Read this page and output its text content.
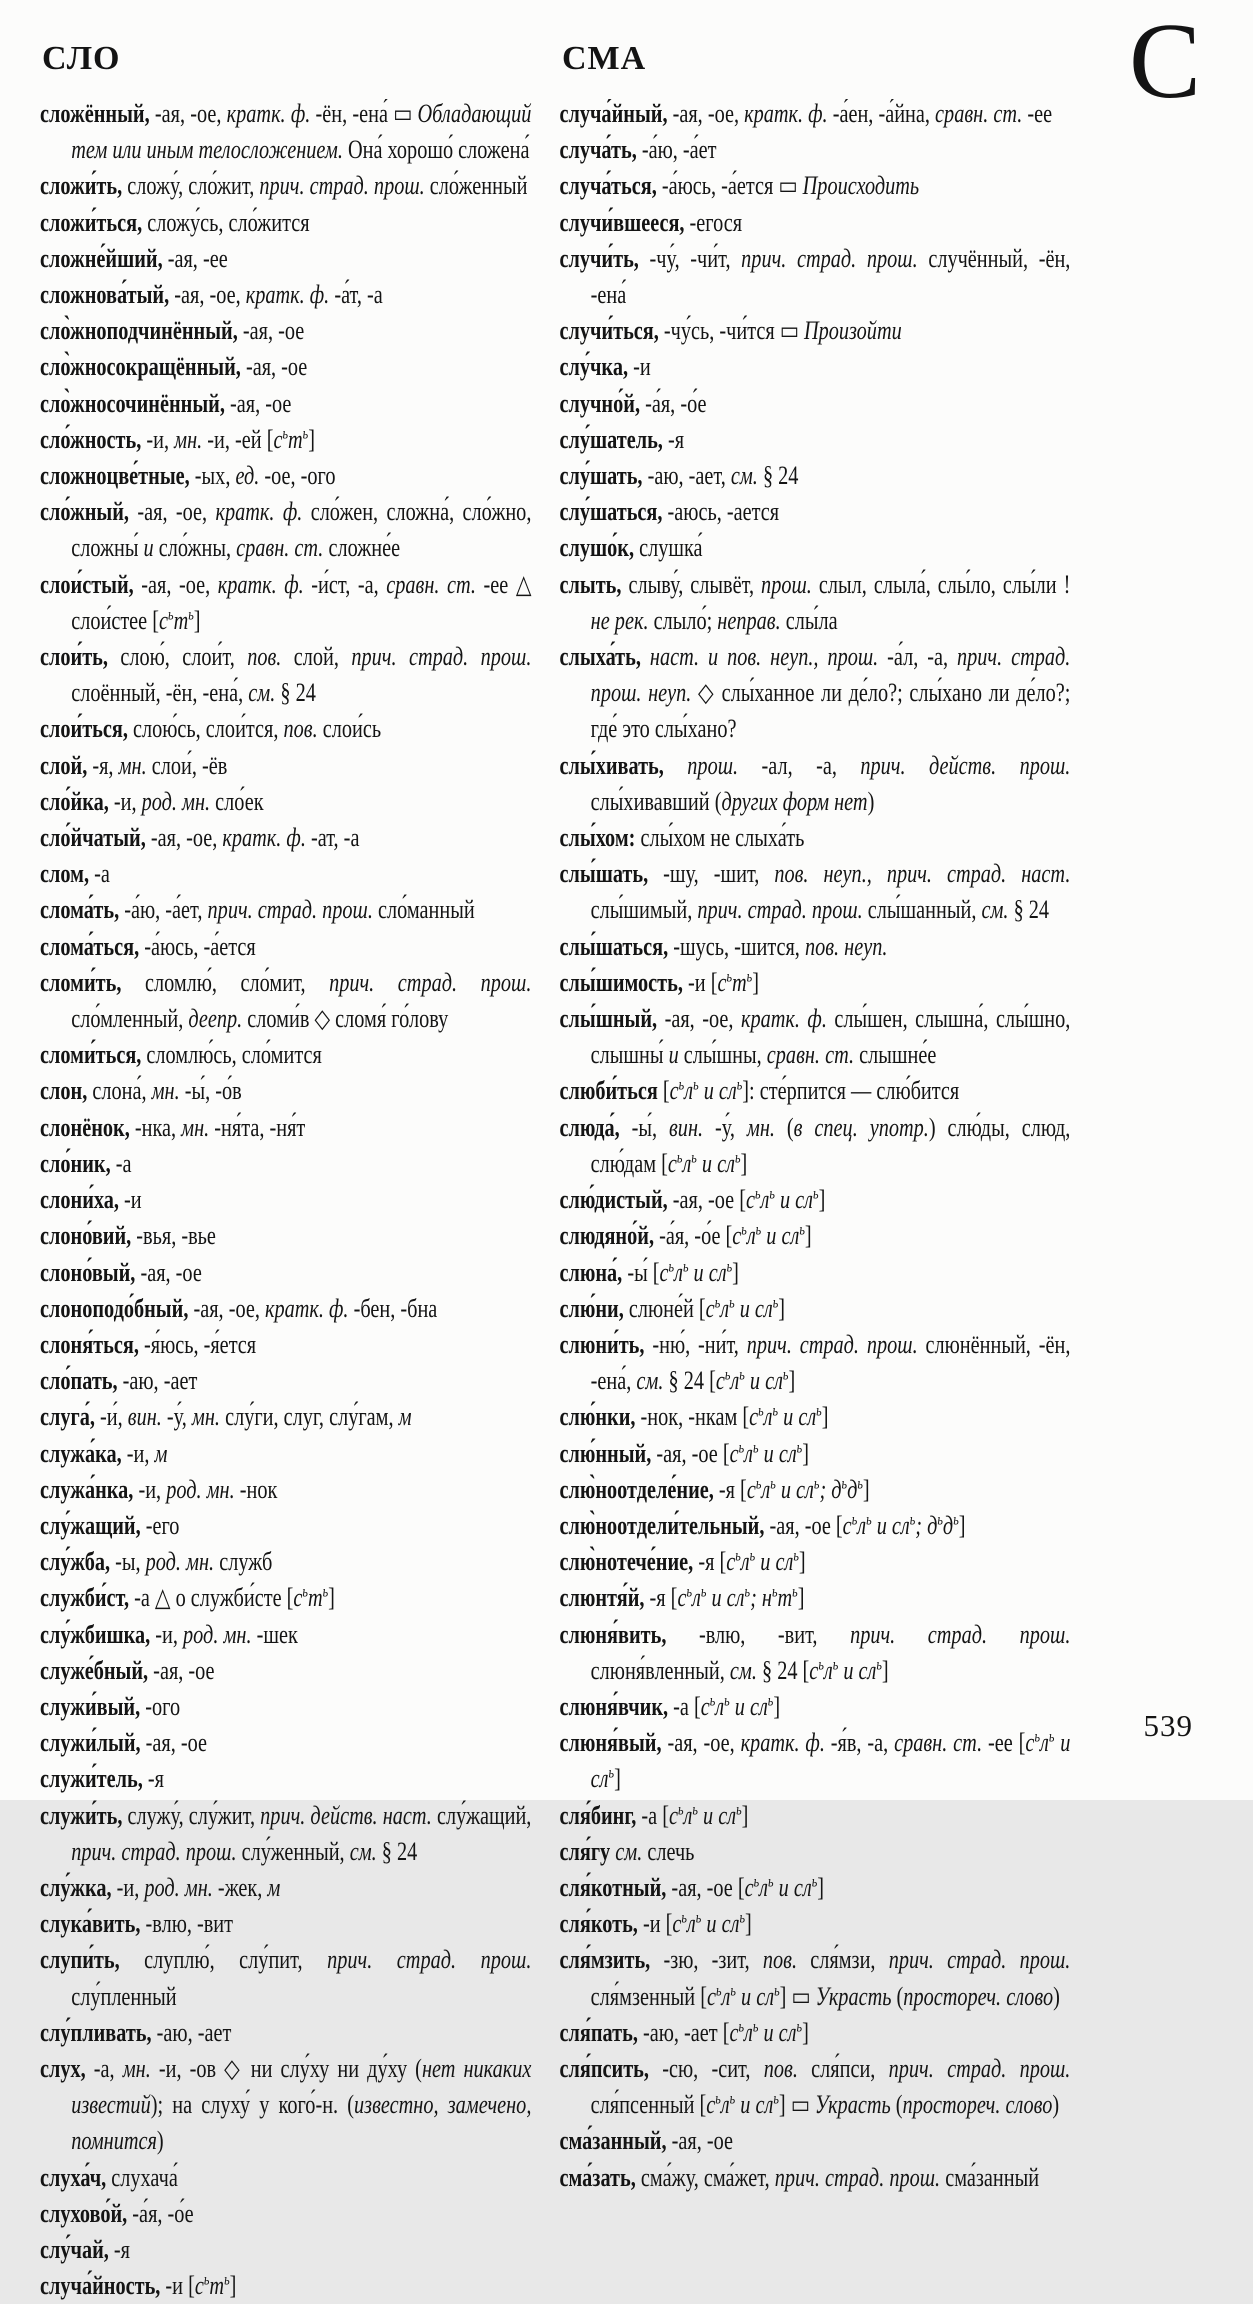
СЛО	СМА	С

сложённый, -ая, -ое, кратк. ф. -ён, -ена́ ▭ Обладающий тем или иным телосложением. Она́ хорошо́ сложена́

сложи́ть, сложу́, сло́жит, прич. страд. прош. сло́женный

сложи́ться, сложу́сь, сло́жится

сложне́йший, -ая, -ее

сложнова́тый, -ая, -ое, кратк. ф. -а́т, -а

сло̀жноподчинённый, -ая, -ое

сло̀жносокращённый, -ая, -ое

сло̀жносочинённый, -ая, -ое

сло́жность, -и, мн. -и, -ей $[с^ьт^ь]$

сложноцве́тные, -ых, ед. -ое, -ого

сло́жный, -ая, -ое, кратк. ф. сло́жен, сложна́, сло́жно, сложны́ и сло́жны, сравн. ст. сложне́е

слои́стый, -ая, -ое, кратк. ф. -и́ст, -а, сравн. ст. -ее △ слои́стее $[с^ьт^ь]$

слои́ть, слою́, слои́т, пов. слой, прич. страд. прош. слоённый, -ён, -ена́, см. § 24

слои́ться, слою́сь, слои́тся, пов. слои́сь

слой, -я, мн. слои́, -ёв

сло́йка, -и, род. мн. сло́ек

сло́йчатый, -ая, -ое, кратк. ф. -ат, -а

слом, -а

слома́ть, -а́ю, -а́ет, прич. страд. прош. сло́манный

слома́ться, -а́юсь, -а́ется

сломи́ть, сломлю́, сло́мит, прич. страд. прош. сло́мленный, деепр. сломи́в ◇ сломя́ го́лову

сломи́ться, сломлю́сь, сло́мится

слон, слона́, мн. -ы́, -о́в

слонёнок, -нка, мн. -ня́та, -ня́т

сло́ник, -а

слони́ха, -и

слоно́вий, -вья, -вье

слоно́вый, -ая, -ое

слоноподо́бный, -ая, -ое, кратк. ф. -бен, -бна

слоня́ться, -я́юсь, -я́ется

сло́пать, -аю, -ает

слуга́, -и́, вин. -у́, мн. слу́ги, слуг, слу́гам, м

служа́ка, -и, м

служа́нка, -и, род. мн. -нок

слу́жащий, -его

слу́жба, -ы, род. мн. служб

служби́ст, -а △ о служби́сте $[с^ьт^ь]$

слу́жбишка, -и, род. мн. -шек

служе́бный, -ая, -ое

служи́вый, -ого

служи́лый, -ая, -ое

служи́тель, -я

служи́ть, служу́, слу́жит, прич. действ. наст. слу́жащий, прич. страд. прош. слу́женный, см. § 24

слу́жка, -и, род. мн. -жек, м

слука́вить, -влю, -вит

слупи́ть, слуплю́, слу́пит, прич. страд. прош. слу́пленный

слу́пливать, -аю, -ает

слух, -а, мн. -и, -ов ◇ ни слу́ху ни ду́ху (нет никаких известий); на слуху́ у кого́-н. (известно, замечено, помнится)

слуха́ч, слухача́

слухово́й, -а́я, -о́е

слу́чай, -я

случа́йность, -и $[с^ьт^ь]$

случа́йный, -ая, -ое, кратк. ф. -а́ен, -а́йна, сравн. ст. -ее

случа́ть, -а́ю, -а́ет

случа́ться, -а́юсь, -а́ется ▭ Происходить

случи́вшееся, -егося

случи́ть, -чу́, -чи́т, прич. страд. прош. случённый, -ён, -ена́

случи́ться, -чу́сь, -чи́тся ▭ Произойти

слу́чка, -и

случно́й, -а́я, -о́е

слу́шатель, -я

слу́шать, -аю, -ает, см. § 24

слу́шаться, -аюсь, -ается

слушо́к, слушка́

слыть, слыву́, слывёт, прош. слыл, слыла́, слы́ло, слы́ли !не рек. слыло́; неправ. слы́ла

слыха́ть, наст. и пов. неуп., прош. -а́л, -а, прич. страд. прош. неуп. ◇ слы́ханное ли де́ло?; слы́хано ли де́ло?; где́ это слы́хано?

слы́хивать, прош. -ал, -а, прич. действ. прош. слы́хивавший (других форм нет)

слы́хом: слы́хом не слыха́ть

слы́шать, -шу, -шит, пов. неуп., прич. страд. наст. слы́шимый, прич. страд. прош. слы́шанный, см. § 24

слы́шаться, -шусь, -шится, пов. неуп.

слы́шимость, -и $[с^ьт^ь]$

слы́шный, -ая, -ое, кратк. ф. слы́шен, слышна́, слы́шно, слышны́ и слы́шны, сравн. ст. слышне́е

слюби́ться [$с^ьл^ь$ и $сл^ь$]: сте́рпится — слю́бится

слюда́, -ы́, вин. -у́, мн. (в спец. употр.) слю́ды, слюд, слю́дам [$с^ьл^ь$ и $сл^ь$]

слю́дистый, -ая, -ое [$с^ьл^ь$ и $сл^ь$]

слюдяно́й, -а́я, -о́е [$с^ьл^ь$ и $сл^ь$]

слюна́, -ы́ [$с^ьл^ь$ и $сл^ь$]

слю́ни, слюне́й [$с^ьл^ь$ и $сл^ь$]

слюни́ть, -ню́, -ни́т, прич. страд. прош. слюнённый, -ён, -ена́, см. § 24 [$с^ьл^ь$ и $сл^ь$]

слю́нки, -нок, -нкам [$с^ьл^ь$ и $сл^ь$]

слю́нный, -ая, -ое [$с^ьл^ь$ и $сл^ь$]

слю̀ноотделе́ние, -я [$с^ьл^ь$ и $сл^ь$; $д^ьд^ь$]

слю̀ноотдели́тельный, -ая, -ое [$с^ьл^ь$ и $сл^ь$; $д^ьд^ь$]

слю̀нотече́ние, -я [$с^ьл^ь$ и $сл^ь$]

слюнтя́й, -я [$с^ьл^ь$ и $сл^ь$; $н^ьт^ь$]

слюня́вить, -влю, -вит, прич. страд. прош. слюня́вленный, см. § 24 [$с^ьл^ь$ и $сл^ь$]

слюня́вчик, -а [$с^ьл^ь$ и $сл^ь$]

слюня́вый, -ая, -ое, кратк. ф. -я́в, -а, сравн. ст. -ее [$с^ьл^ь$ и $сл^ь$]

сля́бинг, -а [$с^ьл^ь$ и $сл^ь$]

сля́гу см. слечь

сля́котный, -ая, -ое [$с^ьл^ь$ и $сл^ь$]

сля́коть, -и [$с^ьл^ь$ и $сл^ь$]

сля́мзить, -зю, -зит, пов. сля́мзи, прич. страд. прош. сля́мзенный [$с^ьл^ь$ и $сл^ь$] ▭ Украсть (простореч. слово)

сля́пать, -аю, -ает [$с^ьл^ь$ и $сл^ь$]

сля́псить, -сю, -сит, пов. сля́пси, прич. страд. прош. сля́псенный [$с^ьл^ь$ и $сл^ь$] ▭ Украсть (простореч. слово)

сма́занный, -ая, -ое

сма́зать, сма́жу, сма́жет, прич. страд. прош. сма́занный

539
